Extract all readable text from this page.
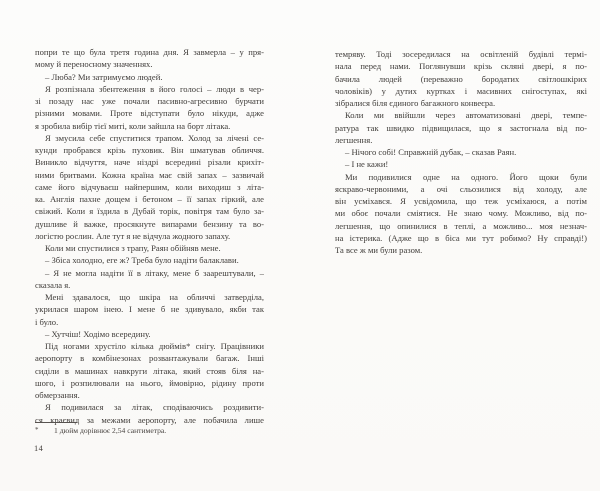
попри те що була третя година дня. Я завмерла – у пря-
мому й переносному значеннях.
– Люба? Ми затримуємо людей.
Я розпізнала збентеження в його голосі – люди в чер-
зі позаду нас уже почали пасивно-агресивно бурчати
різними мовами. Проте відступати було нікуди, адже
я зробила вибір тієї миті, коли зайшла на борт літака.
Я змусила себе спуститися трапом. Холод за лічені се-
кунди пробрався крізь пуховик. Він шматував обличчя.
Виникло відчуття, наче ніздрі всередині різали крихіт-
ними бритвами. Кожна країна має свій запах – зазвичай
саме його відчуваєш найпершим, коли виходиш з літа-
ка. Англія пахне дощем і бетоном – її запах гіркий, але
свіжий. Коли я їздила в Дубай торік, повітря там було за-
душливе й важке, просякнуте випарами бензину та во-
логістю рослин. Але тут я не відчула жодного запаху.
Коли ми спустилися з трапу, Раян обійняв мене.
– Збіса холодно, еге ж? Треба було надіти балаклави.
– Я не могла надіти її в літаку, мене б заарештували, –
сказала я.
Мені здавалося, що шкіра на обличчі затверділа,
укрилася шаром інею. І мене б не здивувало, якби так
і було.
– Хутчіш! Ходімо всередину.
Під ногами хрустіло кілька дюймів* снігу. Працівники
аеропорту в комбінезонах розвантажували багаж. Інші
сиділи в машинах навкруги літака, який стояв біля на-
шого, і розпилювали на нього, ймовірно, рідину проти
обмерзання.
Я подивилася за літак, сподіваючись роздивити-
ся краєвид за межами аеропорту, але побачила лише
* 1 дюйм дорівнює 2,54 сантиметра.
14
темряву. Тоді зосередилася на освітленій будівлі термі-
нала перед нами. Поглянувши крізь скляні двері, я по-
бачила людей (переважно бородатих світлошкірих
чоловіків) у дутих куртках і масивних снігоступах, які
зібралися біля єдиного багажного конвеєра.
Коли ми ввійшли через автоматизовані двері, темпе-
ратура так швидко підвищилася, що я застогнала від по-
легшення.
– Нічого собі! Справжній дубак, – сказав Раян.
– І не кажи!
Ми подивилися одне на одного. Його щоки були
яскраво-червоними, а очі сльозилися від холоду, але
він усміхався. Я усвідомила, що теж усміхаюся, а потім
ми обоє почали сміятися. Не знаю чому. Можливо, від по-
легшення, що опинилися в теплі, а можливо... моя незнач-
на істерика. (Адже що в біса ми тут робимо? Ну справді!)
Та все ж ми були разом.
